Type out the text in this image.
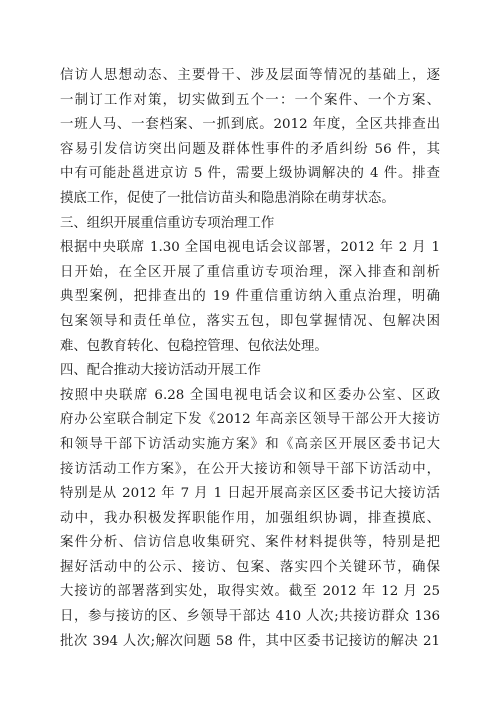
信访人思想动态、主要骨干、涉及层面等情况的基础上，逐
一制订工作对策，切实做到五个一：一个案件、一个方案、
一班人马、一套档案、一抓到底。2012 年度，全区共排查出
容易引发信访突出问题及群体性事件的矛盾纠纷 56 件，其
中有可能赴邕进京访 5 件，需要上级协调解决的 4 件。排查
摸底工作，促使了一批信访苗头和隐患消除在萌芽状态。
三、组织开展重信重访专项治理工作
根据中央联席 1.30 全国电视电话会议部署，2012 年 2 月 1
日开始，在全区开展了重信重访专项治理，深入排查和剖析
典型案例，把排查出的 19 件重信重访纳入重点治理，明确
包案领导和责任单位，落实五包，即包掌握情况、包解决困
难、包教育转化、包稳控管理、包依法处理。
四、配合推动大接访活动开展工作
按照中央联席 6.28 全国电视电话会议和区委办公室、区政
府办公室联合制定下发《2012 年高亲区领导干部公开大接访
和领导干部下访活动实施方案》和《高亲区开展区委书记大
接访活动工作方案》，在公开大接访和领导干部下访活动中，
特别是从 2012 年 7 月 1 日起开展高亲区区委书记大接访活
动中，我办积极发挥职能作用，加强组织协调，排查摸底、
案件分析、信访信息收集研究、案件材料提供等，特别是把
握好活动中的公示、接访、包案、落实四个关键环节，确保
大接访的部署落到实处，取得实效。截至 2012 年 12 月 25
日，参与接访的区、乡领导干部达 410 人次;共接访群众 136
批次 394 人次;解次问题 58 件，其中区委书记接访的解决 21
